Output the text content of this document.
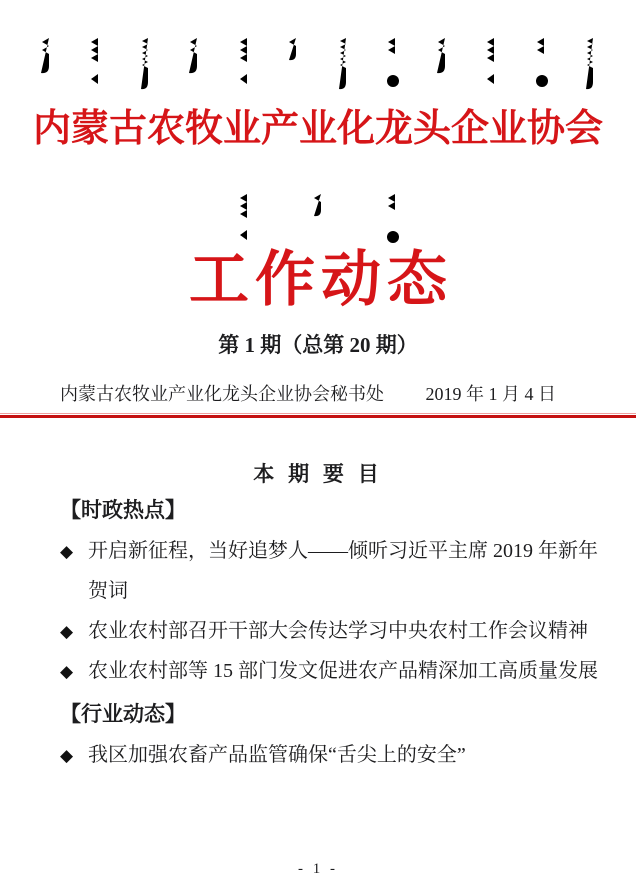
内蒙古农牧业产业化龙头企业协会
工作动态
第 1 期（总第 20 期）
内蒙古农牧业产业化龙头企业协会秘书处 2019 年 1 月 4 日
本 期 要 目
【时政热点】
◆ 开启新征程，当好追梦人——倾听习近平主席 2019 年新年贺词
◆ 农业农村部召开干部大会传达学习中央农村工作会议精神
◆ 农业农村部等 15 部门发文促进农产品精深加工高质量发展
【行业动态】
◆ 我区加强农畜产品监管确保“舌尖上的安全”
- 1 -
